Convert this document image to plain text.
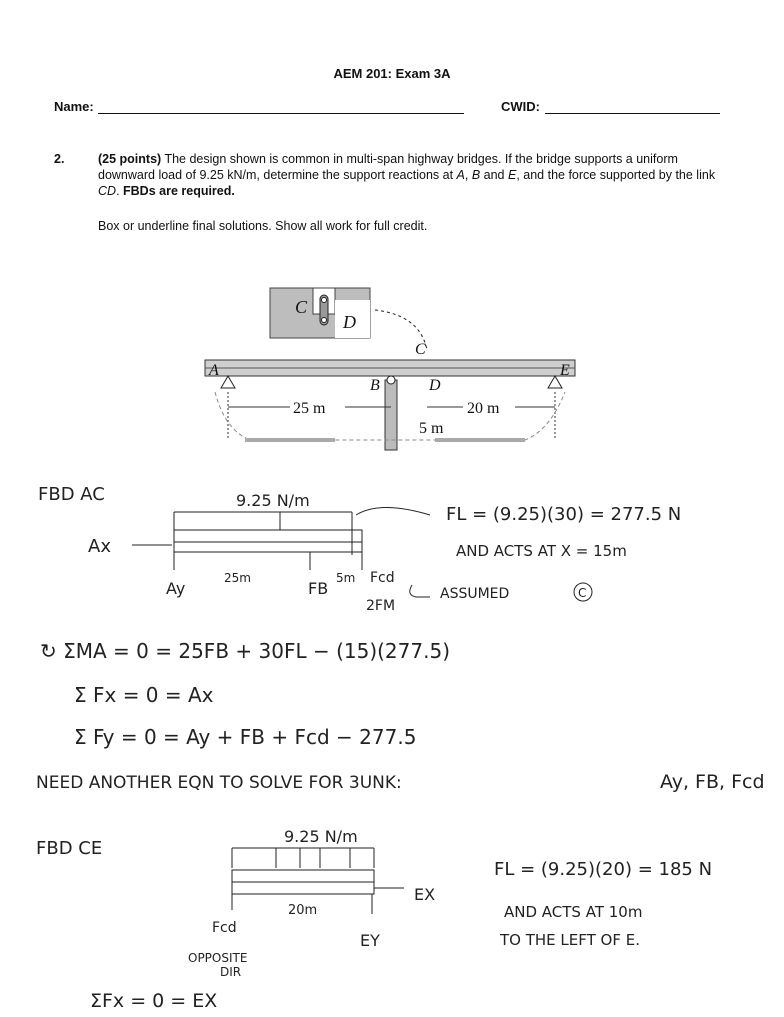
AEM 201: Exam 3A
Name:	CWID:
2.	(25 points) The design shown is common in multi-span highway bridges. If the bridge supports a uniform downward load of 9.25 kN/m, determine the support reactions at A, B and E, and the force supported by the link CD. FBDs are required.
Box or underline final solutions. Show all work for full credit.
C
D
C
D
A
B
E
25 m	20 m
5 m
FBD AC	9.25 N/m
Ax
Ay
25m
FB
5m Fcd
2FM
ASSUMED	C
FL = (9.25)(30) = 277.5 N
AND ACTS AT X = 15m
↻ ΣMA = 0 = 25FB + 30FL − (15)(277.5)
Σ Fx = 0 = Ax
Σ Fy = 0 = Ay + FB + Fcd − 277.5
NEED ANOTHER EQN TO SOLVE FOR 3UNK:	Ay, FB, Fcd
FBD CE
9.25 N/m
EX
Fcd
20m
EY
OPPOSITE
DIR
FL = (9.25)(20) = 185 N
AND ACTS AT 10m
TO THE LEFT OF E.
ΣFx = 0 = EX
